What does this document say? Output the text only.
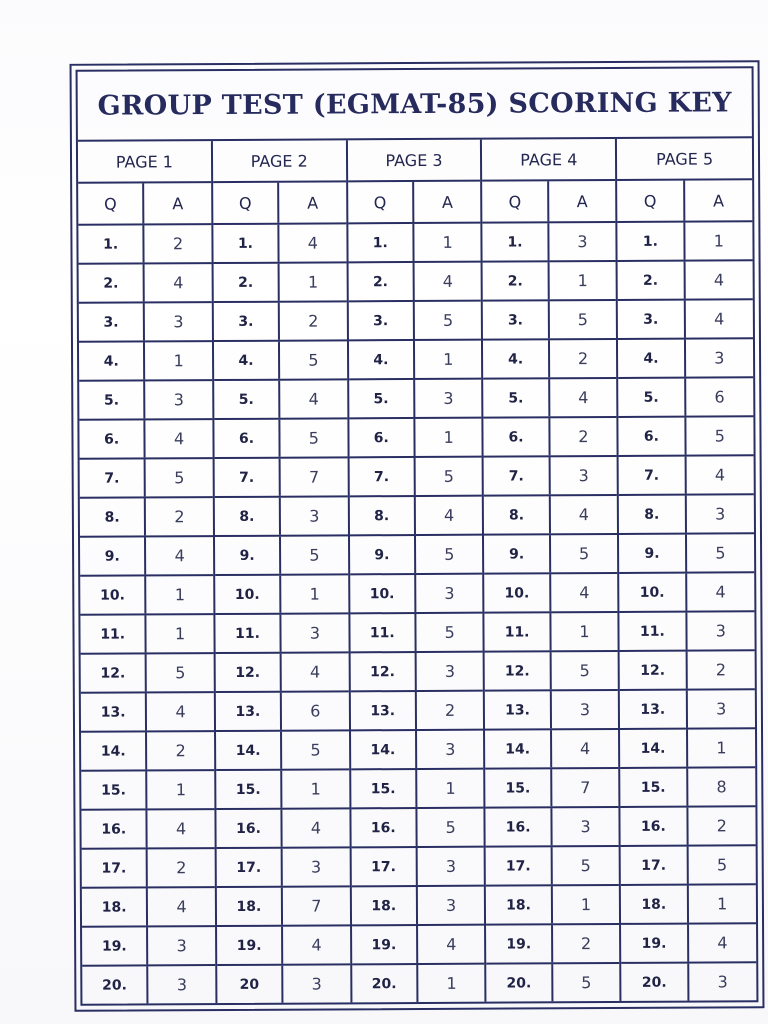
GROUP TEST (EGMAT-85) SCORING KEY
PAGE 1
Q	A
1.	2
2.	4
3.	3
4.	1
5.	3
6.	4
7.	5
8.	2
9.	4
10.	1
11.	1
12.	5
13.	4
14.	2
15.	1
16.	4
17.	2
18.	4
19.	3
20.	3
PAGE 2
Q	A
1.	4
2.	1
3.	2
4.	5
5.	4
6.	5
7.	7
8.	3
9.	5
10.	1
11.	3
12.	4
13.	6
14.	5
15.	1
16.	4
17.	3
18.	7
19.	4
20	3
PAGE 3
Q	A
1.	1
2.	4
3.	5
4.	1
5.	3
6.	1
7.	5
8.	4
9.	5
10.	3
11.	5
12.	3
13.	2
14.	3
15.	1
16.	5
17.	3
18.	3
19.	4
20.	1
PAGE 4
Q	A
1.	3
2.	1
3.	5
4.	2
5.	4
6.	2
7.	3
8.	4
9.	5
10.	4
11.	1
12.	5
13.	3
14.	4
15.	7
16.	3
17.	5
18.	1
19.	2
20.	5
PAGE 5
Q	A
1.	1
2.	4
3.	4
4.	3
5.	6
6.	5
7.	4
8.	3
9.	5
10.	4
11.	3
12.	2
13.	3
14.	1
15.	8
16.	2
17.	5
18.	1
19.	4
20.	3
